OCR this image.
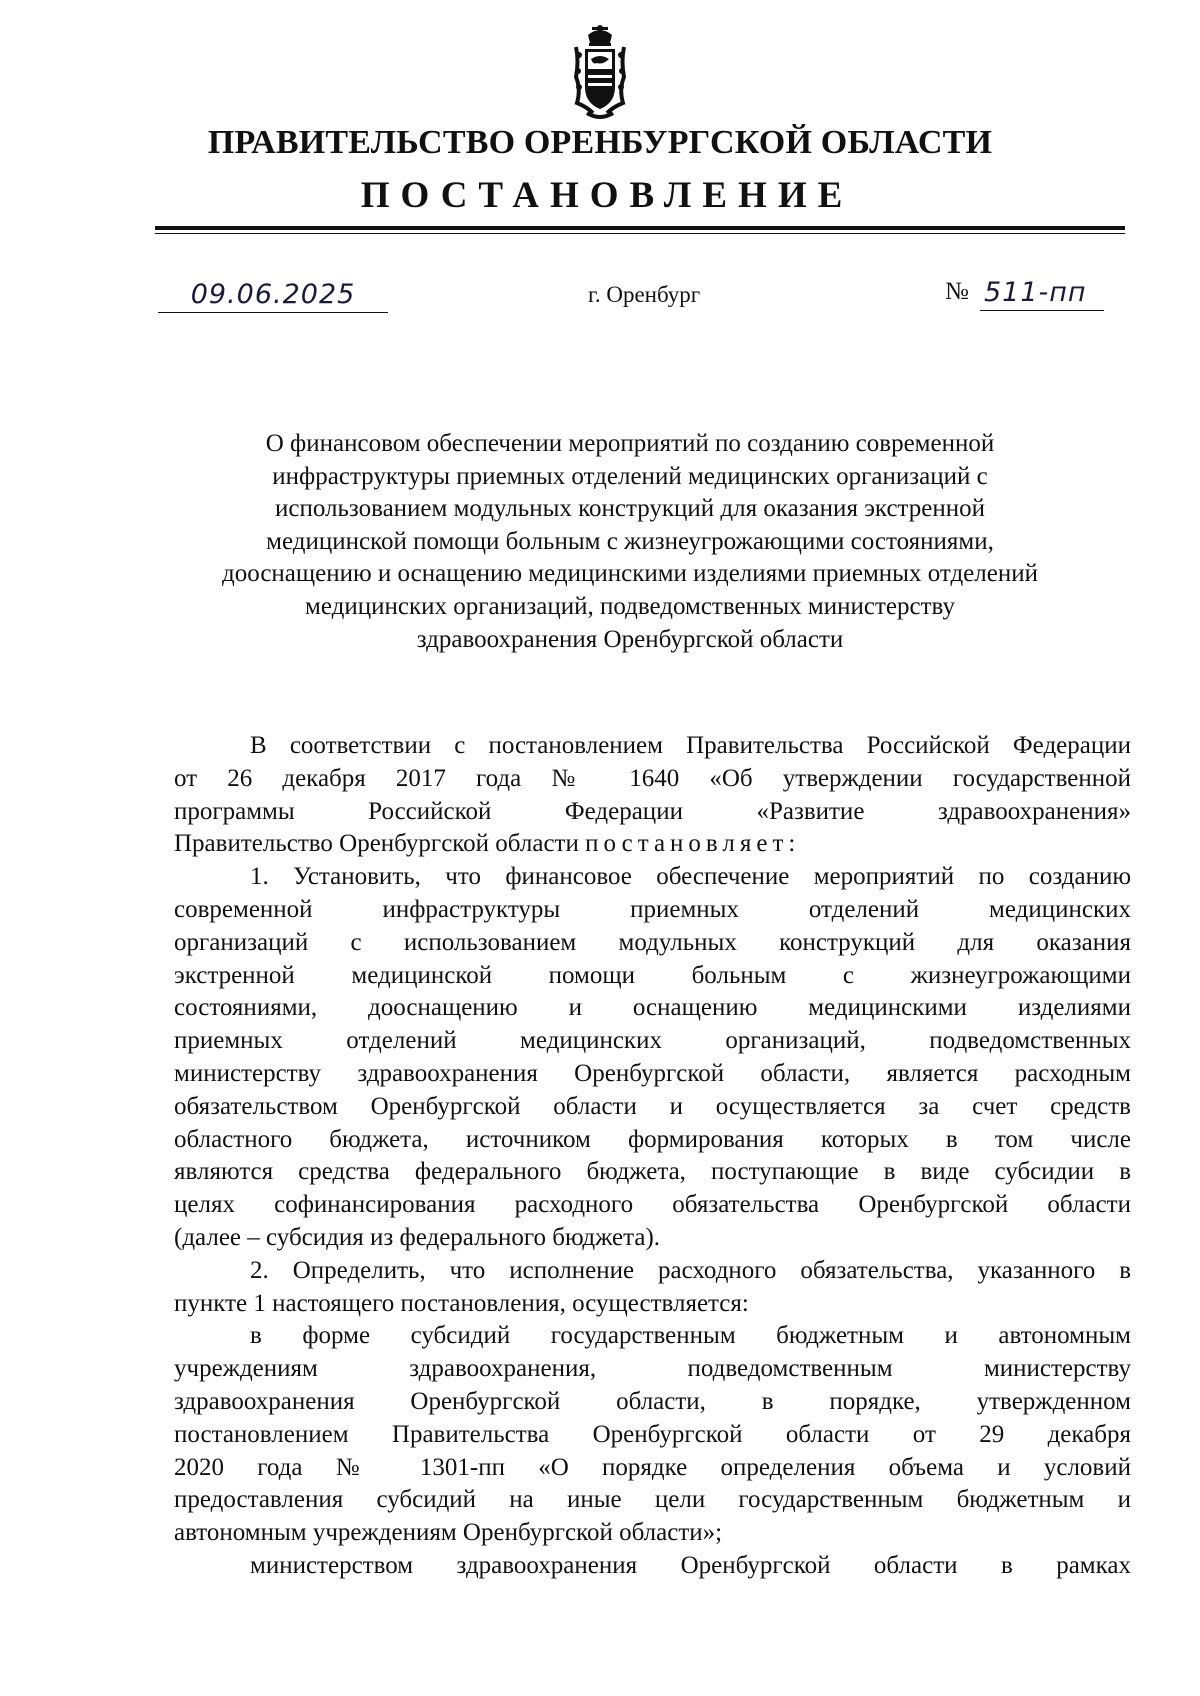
ПРАВИТЕЛЬСТВО ОРЕНБУРГСКОЙ ОБЛАСТИ
ПОСТАНОВЛЕНИЕ
09.06.2025	г. Оренбург	№ 511-пп
О финансовом обеспечении мероприятий по созданию современной
инфраструктуры приемных отделений медицинских организаций с
использованием модульных конструкций для оказания экстренной
медицинской помощи больным с жизнеугрожающими состояниями,
дооснащению и оснащению медицинскими изделиями приемных отделений
медицинских организаций, подведомственных министерству
здравоохранения Оренбургской области
В соответствии с постановлением Правительства Российской Федерации
от 26 декабря 2017 года № 1640 «Об утверждении государственной
программы Российской Федерации «Развитие здравоохранения»
Правительство Оренбургской области постановляет:
1. Установить, что финансовое обеспечение мероприятий по созданию
современной инфраструктуры приемных отделений медицинских
организаций с использованием модульных конструкций для оказания
экстренной медицинской помощи больным с жизнеугрожающими
состояниями, дооснащению и оснащению медицинскими изделиями
приемных отделений медицинских организаций, подведомственных
министерству здравоохранения Оренбургской области, является расходным
обязательством Оренбургской области и осуществляется за счет средств
областного бюджета, источником формирования которых в том числе
являются средства федерального бюджета, поступающие в виде субсидии в
целях софинансирования расходного обязательства Оренбургской области
(далее – субсидия из федерального бюджета).
2. Определить, что исполнение расходного обязательства, указанного в
пункте 1 настоящего постановления, осуществляется:
в форме субсидий государственным бюджетным и автономным
учреждениям здравоохранения, подведомственным министерству
здравоохранения Оренбургской области, в порядке, утвержденном
постановлением Правительства Оренбургской области от 29 декабря
2020 года № 1301-пп «О порядке определения объема и условий
предоставления субсидий на иные цели государственным бюджетным и
автономным учреждениям Оренбургской области»;
министерством здравоохранения Оренбургской области в рамках
